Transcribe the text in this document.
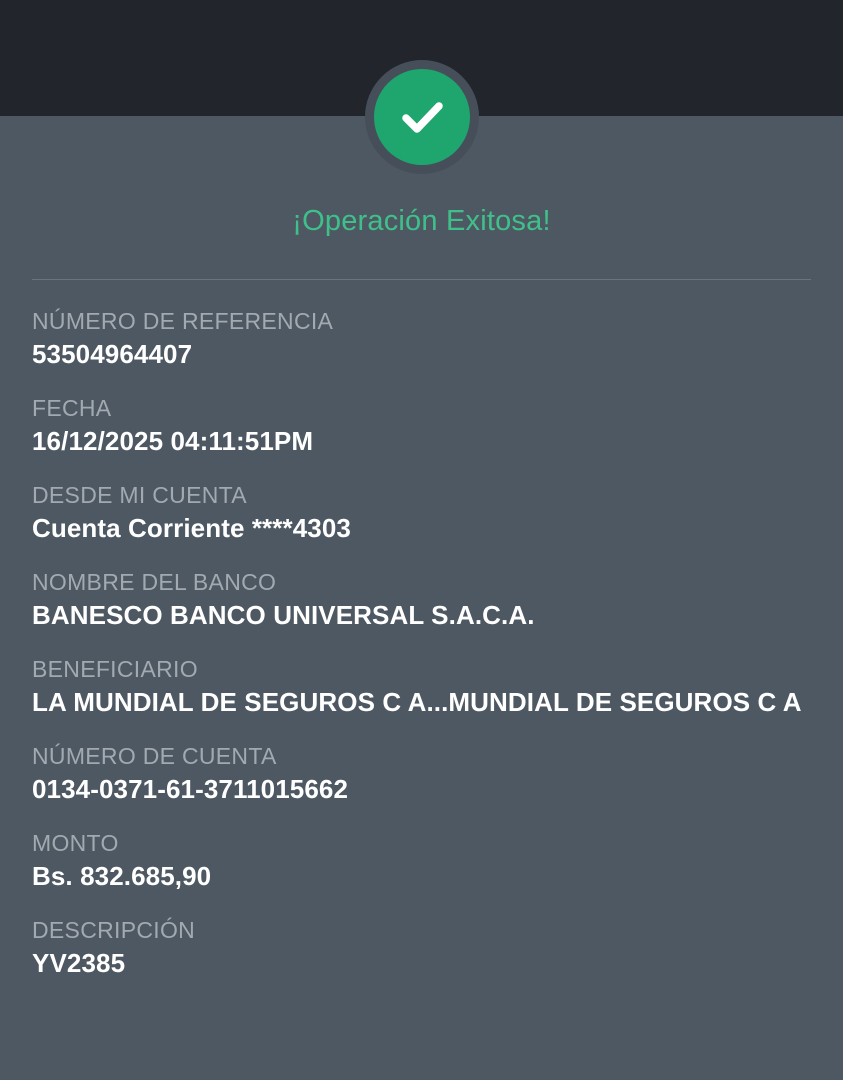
¡Operación Exitosa!
NÚMERO DE REFERENCIA
53504964407
FECHA
16/12/2025 04:11:51PM
DESDE MI CUENTA
Cuenta Corriente ****4303
NOMBRE DEL BANCO
BANESCO BANCO UNIVERSAL S.A.C.A.
BENEFICIARIO
LA MUNDIAL DE SEGUROS C A...MUNDIAL DE SEGUROS C A
NÚMERO DE CUENTA
0134-0371-61-3711015662
MONTO
Bs. 832.685,90
DESCRIPCIÓN
YV2385
